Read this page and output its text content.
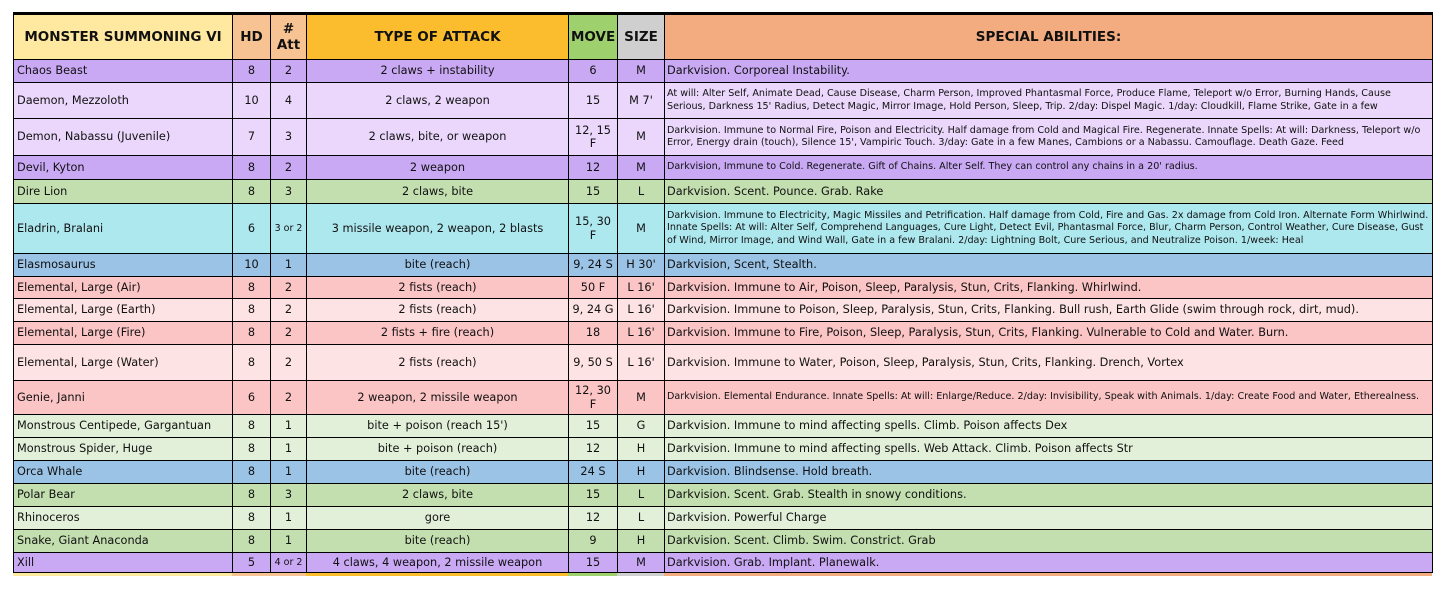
MONSTER SUMMONING VI	HD	# Att	TYPE OF ATTACK	MOVE	SIZE	SPECIAL ABILITIES:
Chaos Beast	8	2	2 claws + instability	6	M	Darkvision. Corporeal Instability.
Daemon, Mezzoloth	10	4	2 claws, 2 weapon	15	M 7'	At will: Alter Self, Animate Dead, Cause Disease, Charm Person, Improved Phantasmal Force, Produce Flame, Teleport w/o Error, Burning Hands, Cause Serious, Darkness 15' Radius, Detect Magic, Mirror Image, Hold Person, Sleep, Trip. 2/day: Dispel Magic. 1/day: Cloudkill, Flame Strike, Gate in a few
Demon, Nabassu (Juvenile)	7	3	2 claws, bite, or weapon	12, 15 F	M	Darkvision. Immune to Normal Fire, Poison and Electricity. Half damage from Cold and Magical Fire. Regenerate. Innate Spells: At will: Darkness, Teleport w/o Error, Energy drain (touch), Silence 15', Vampiric Touch. 3/day: Gate in a few Manes, Cambions or a Nabassu. Camouflage. Death Gaze. Feed
Devil, Kyton	8	2	2 weapon	12	M	Darkvision, Immune to Cold. Regenerate. Gift of Chains. Alter Self. They can control any chains in a 20' radius.
Dire Lion	8	3	2 claws, bite	15	L	Darkvision. Scent. Pounce. Grab. Rake
Eladrin, Bralani	6	3 or 2	3 missile weapon, 2 weapon, 2 blasts	15, 30 F	M	Darkvision. Immune to Electricity, Magic Missiles and Petrification. Half damage from Cold, Fire and Gas. 2x damage from Cold Iron. Alternate Form Whirlwind. Innate Spells: At will: Alter Self, Comprehend Languages, Cure Light, Detect Evil, Phantasmal Force, Blur, Charm Person, Control Weather, Cure Disease, Gust of Wind, Mirror Image, and Wind Wall, Gate in a few Bralani. 2/day: Lightning Bolt, Cure Serious, and Neutralize Poison. 1/week: Heal
Elasmosaurus	10	1	bite (reach)	9, 24 S	H 30'	Darkvision, Scent, Stealth.
Elemental, Large (Air)	8	2	2 fists (reach)	50 F	L 16'	Darkvision. Immune to Air, Poison, Sleep, Paralysis, Stun, Crits, Flanking. Whirlwind.
Elemental, Large (Earth)	8	2	2 fists (reach)	9, 24 G	L 16'	Darkvision. Immune to Poison, Sleep, Paralysis, Stun, Crits, Flanking. Bull rush, Earth Glide (swim through rock, dirt, mud).
Elemental, Large (Fire)	8	2	2 fists + fire (reach)	18	L 16'	Darkvision. Immune to Fire, Poison, Sleep, Paralysis, Stun, Crits, Flanking. Vulnerable to Cold and Water. Burn.
Elemental, Large (Water)	8	2	2 fists (reach)	9, 50 S	L 16'	Darkvision. Immune to Water, Poison, Sleep, Paralysis, Stun, Crits, Flanking. Drench, Vortex
Genie, Janni	6	2	2 weapon, 2 missile weapon	12, 30 F	M	Darkvision. Elemental Endurance. Innate Spells: At will: Enlarge/Reduce. 2/day: Invisibility, Speak with Animals. 1/day: Create Food and Water, Etherealness.
Monstrous Centipede, Gargantuan	8	1	bite + poison (reach 15')	15	G	Darkvision. Immune to mind affecting spells. Climb. Poison affects Dex
Monstrous Spider, Huge	8	1	bite + poison (reach)	12	H	Darkvision. Immune to mind affecting spells. Web Attack. Climb. Poison affects Str
Orca Whale	8	1	bite (reach)	24 S	H	Darkvision. Blindsense. Hold breath.
Polar Bear	8	3	2 claws, bite	15	L	Darkvision. Scent. Grab. Stealth in snowy conditions.
Rhinoceros	8	1	gore	12	L	Darkvision. Powerful Charge
Snake, Giant Anaconda	8	1	bite (reach)	9	H	Darkvision. Scent. Climb. Swim. Constrict. Grab
Xill	5	4 or 2	4 claws, 4 weapon, 2 missile weapon	15	M	Darkvision. Grab. Implant. Planewalk.
